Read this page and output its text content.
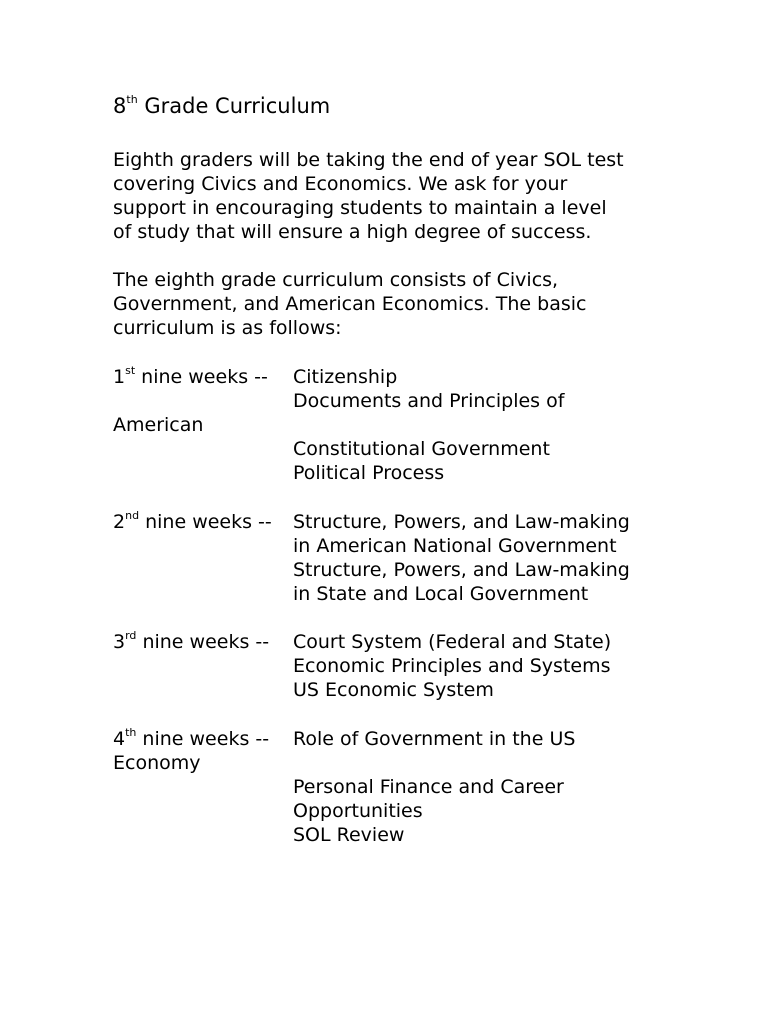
8th Grade Curriculum
Eighth graders will be taking the end of year SOL test
covering Civics and Economics. We ask for your
support in encouraging students to maintain a level
of study that will ensure a high degree of success.
The eighth grade curriculum consists of Civics,
Government, and American Economics. The basic
curriculum is as follows:
1st nine weeks -- Citizenship
Documents and Principles of
American
Constitutional Government
Political Process
2nd nine weeks -- Structure, Powers, and Law-making
in American National Government
Structure, Powers, and Law-making
in State and Local Government
3rd nine weeks -- Court System (Federal and State)
Economic Principles and Systems
US Economic System
4th nine weeks -- Role of Government in the US
Economy
Personal Finance and Career
Opportunities
SOL Review
